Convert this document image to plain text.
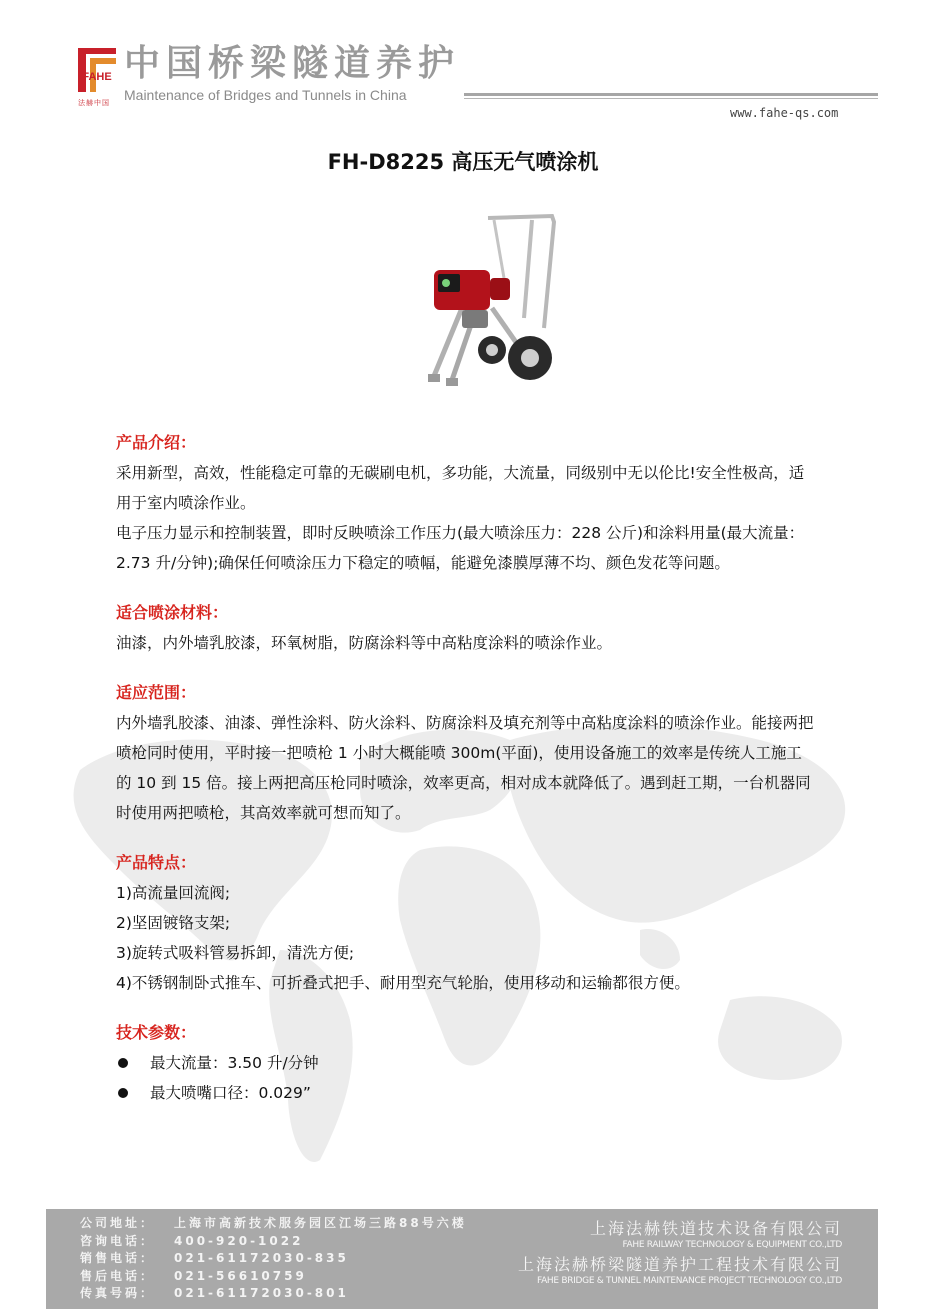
FAHE
法赫中国
中国桥梁隧道养护
Maintenance of Bridges and Tunnels in China
www.fahe-qs.com
FH-D8225 高压无气喷涂机

产品介绍：

采用新型，高效，性能稳定可靠的无碳刷电机，多功能，大流量，同级别中无以伦比!安全性极高，适用于室内喷涂作业。

电子压力显示和控制装置，即时反映喷涂工作压力(最大喷涂压力：228 公斤)和涂料用量(最大流量：2.73 升/分钟);确保任何喷涂压力下稳定的喷幅，能避免漆膜厚薄不均、颜色发花等问题。

适合喷涂材料：

油漆，内外墙乳胶漆，环氧树脂，防腐涂料等中高粘度涂料的喷涂作业。

适应范围：

内外墙乳胶漆、油漆、弹性涂料、防火涂料、防腐涂料及填充剂等中高粘度涂料的喷涂作业。能接两把喷枪同时使用，平时接一把喷枪 1 小时大概能喷 300m(平面)，使用设备施工的效率是传统人工施工的 10 到 15 倍。接上两把高压枪同时喷涂，效率更高，相对成本就降低了。遇到赶工期，一台机器同时使用两把喷枪，其高效率就可想而知了。

产品特点：

1)高流量回流阀;

2)坚固镀铬支架;

3)旋转式吸料管易拆卸，清洗方便;

4)不锈钢制卧式推车、可折叠式把手、耐用型充气轮胎，使用移动和运输都很方便。

技术参数：

最大流量：3.50 升/分钟
最大喷嘴口径：0.029”
公司地址： 上海市高新技术服务园区江场三路88号六楼
咨询电话： 400-920-1022
销售电话： 021-61172030-835
售后电话： 021-56610759
传真号码： 021-61172030-801
上海法赫铁道技术设备有限公司
FAHE RAILWAY TECHNOLOGY & EQUIPMENT CO.,LTD
上海法赫桥梁隧道养护工程技术有限公司
FAHE BRIDGE & TUNNEL MAINTENANCE PROJECT TECHNOLOGY CO.,LTD
